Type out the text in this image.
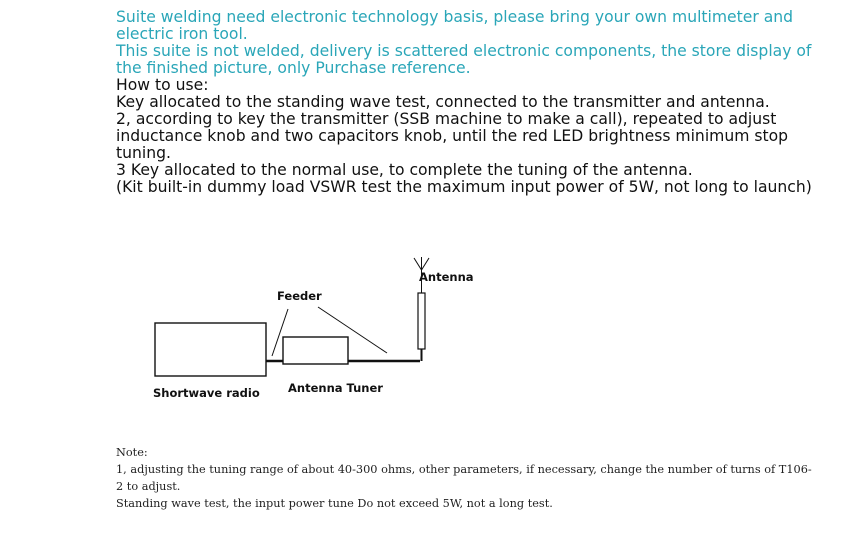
Suite welding need electronic technology basis, please bring your own multimeter and electric iron tool.

This suite is not welded, delivery is scattered electronic components, the store display of the finished picture, only Purchase reference.

How to use:

Key allocated to the standing wave test, connected to the transmitter and antenna.

2, according to key the transmitter (SSB machine to make a call), repeated to adjust inductance knob and two capacitors knob, until the red LED brightness minimum stop tuning.

3 Key allocated to the normal use, to complete the tuning of the antenna.

(Kit built-in dummy load VSWR test the maximum input power of 5W, not long to launch)

Antenna
Feeder
Shortwave radio Antenna Tuner

Note:

1, adjusting the tuning range of about 40-300 ohms, other parameters, if necessary, change the number of turns of T106-2 to adjust.

Standing wave test, the input power tune Do not exceed 5W, not a long test.
